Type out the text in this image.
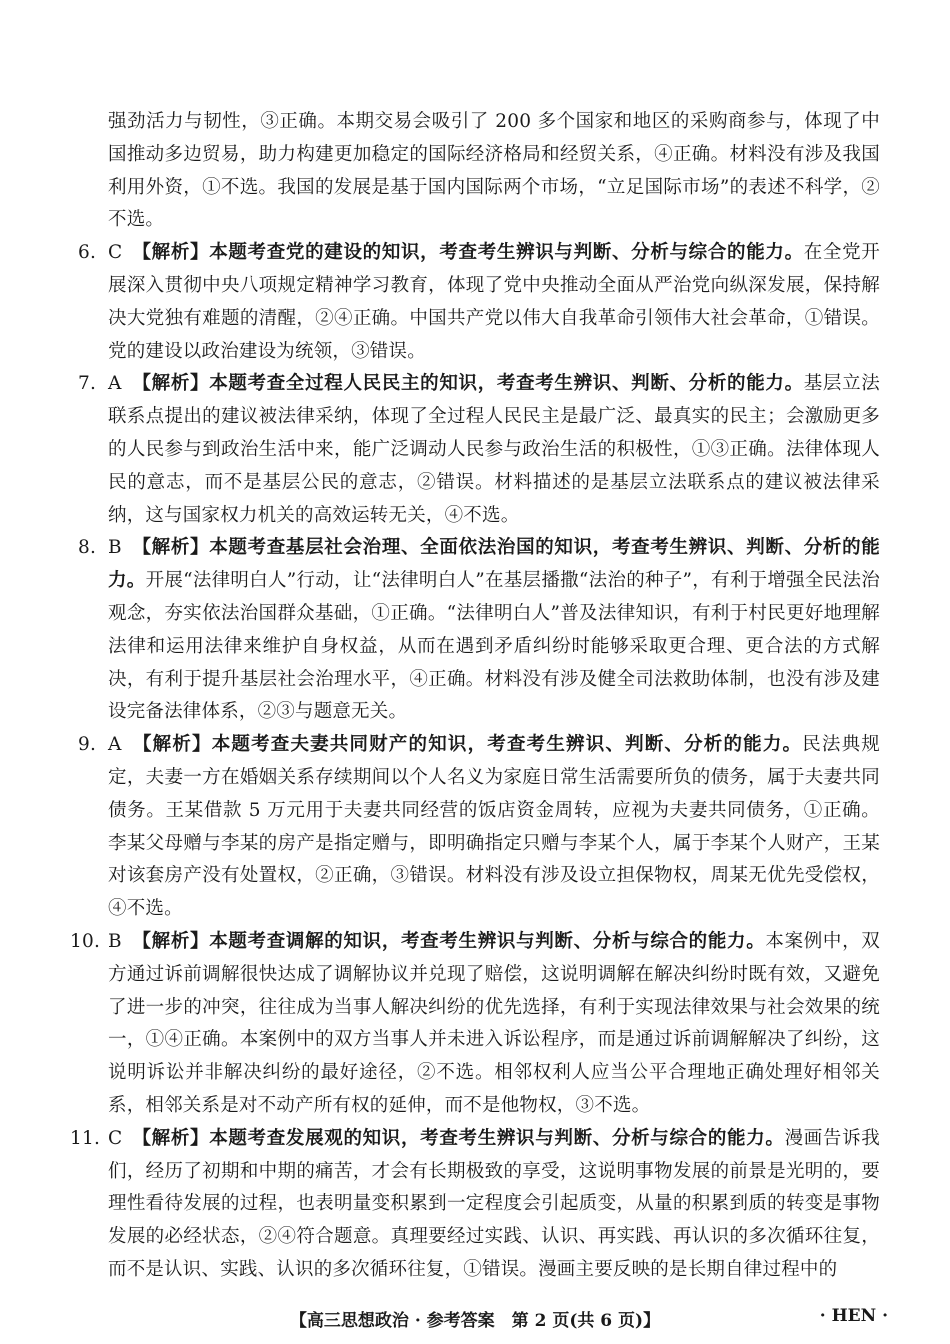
强劲活力与韧性，③正确。本期交易会吸引了 200 多个国家和地区的采购商参与，体现了中国推动多边贸易，助力构建更加稳定的国际经济格局和经贸关系，④正确。材料没有涉及我国利用外资，①不选。我国的发展是基于国内国际两个市场，“立足国际市场”的表述不科学，②不选。

6. C 【解析】本题考查党的建设的知识，考查考生辨识与判断、分析与综合的能力。在全党开展深入贯彻中央八项规定精神学习教育，体现了党中央推动全面从严治党向纵深发展，保持解决大党独有难题的清醒，②④正确。中国共产党以伟大自我革命引领伟大社会革命，①错误。党的建设以政治建设为统领，③错误。

7. A 【解析】本题考查全过程人民民主的知识，考查考生辨识、判断、分析的能力。基层立法联系点提出的建议被法律采纳，体现了全过程人民民主是最广泛、最真实的民主；会激励更多的人民参与到政治生活中来，能广泛调动人民参与政治生活的积极性，①③正确。法律体现人民的意志，而不是基层公民的意志，②错误。材料描述的是基层立法联系点的建议被法律采纳，这与国家权力机关的高效运转无关，④不选。

8. B 【解析】本题考查基层社会治理、全面依法治国的知识，考查考生辨识、判断、分析的能力。开展“法律明白人”行动，让“法律明白人”在基层播撒“法治的种子”，有利于增强全民法治观念，夯实依法治国群众基础，①正确。“法律明白人”普及法律知识，有利于村民更好地理解法律和运用法律来维护自身权益，从而在遇到矛盾纠纷时能够采取更合理、更合法的方式解决，有利于提升基层社会治理水平，④正确。材料没有涉及健全司法救助体制，也没有涉及建设完备法律体系，②③与题意无关。

9. A 【解析】本题考查夫妻共同财产的知识，考查考生辨识、判断、分析的能力。民法典规定，夫妻一方在婚姻关系存续期间以个人名义为家庭日常生活需要所负的债务，属于夫妻共同债务。王某借款 5 万元用于夫妻共同经营的饭店资金周转，应视为夫妻共同债务，①正确。李某父母赠与李某的房产是指定赠与，即明确指定只赠与李某个人，属于李某个人财产，王某对该套房产没有处置权，②正确，③错误。材料没有涉及设立担保物权，周某无优先受偿权，④不选。

10. B 【解析】本题考查调解的知识，考查考生辨识与判断、分析与综合的能力。本案例中，双方通过诉前调解很快达成了调解协议并兑现了赔偿，这说明调解在解决纠纷时既有效，又避免了进一步的冲突，往往成为当事人解决纠纷的优先选择，有利于实现法律效果与社会效果的统一，①④正确。本案例中的双方当事人并未进入诉讼程序，而是通过诉前调解解决了纠纷，这说明诉讼并非解决纠纷的最好途径，②不选。相邻权利人应当公平合理地正确处理好相邻关系，相邻关系是对不动产所有权的延伸，而不是他物权，③不选。

11. C 【解析】本题考查发展观的知识，考查考生辨识与判断、分析与综合的能力。漫画告诉我们，经历了初期和中期的痛苦，才会有长期极致的享受，这说明事物发展的前景是光明的，要理性看待发展的过程，也表明量变积累到一定程度会引起质变，从量的积累到质的转变是事物发展的必经状态，②④符合题意。真理要经过实践、认识、再实践、再认识的多次循环往复，而不是认识、实践、认识的多次循环往复，①错误。漫画主要反映的是长期自律过程中的

【高三思想政治 · 参考答案　第 2 页(共 6 页)】	· HEN ·
